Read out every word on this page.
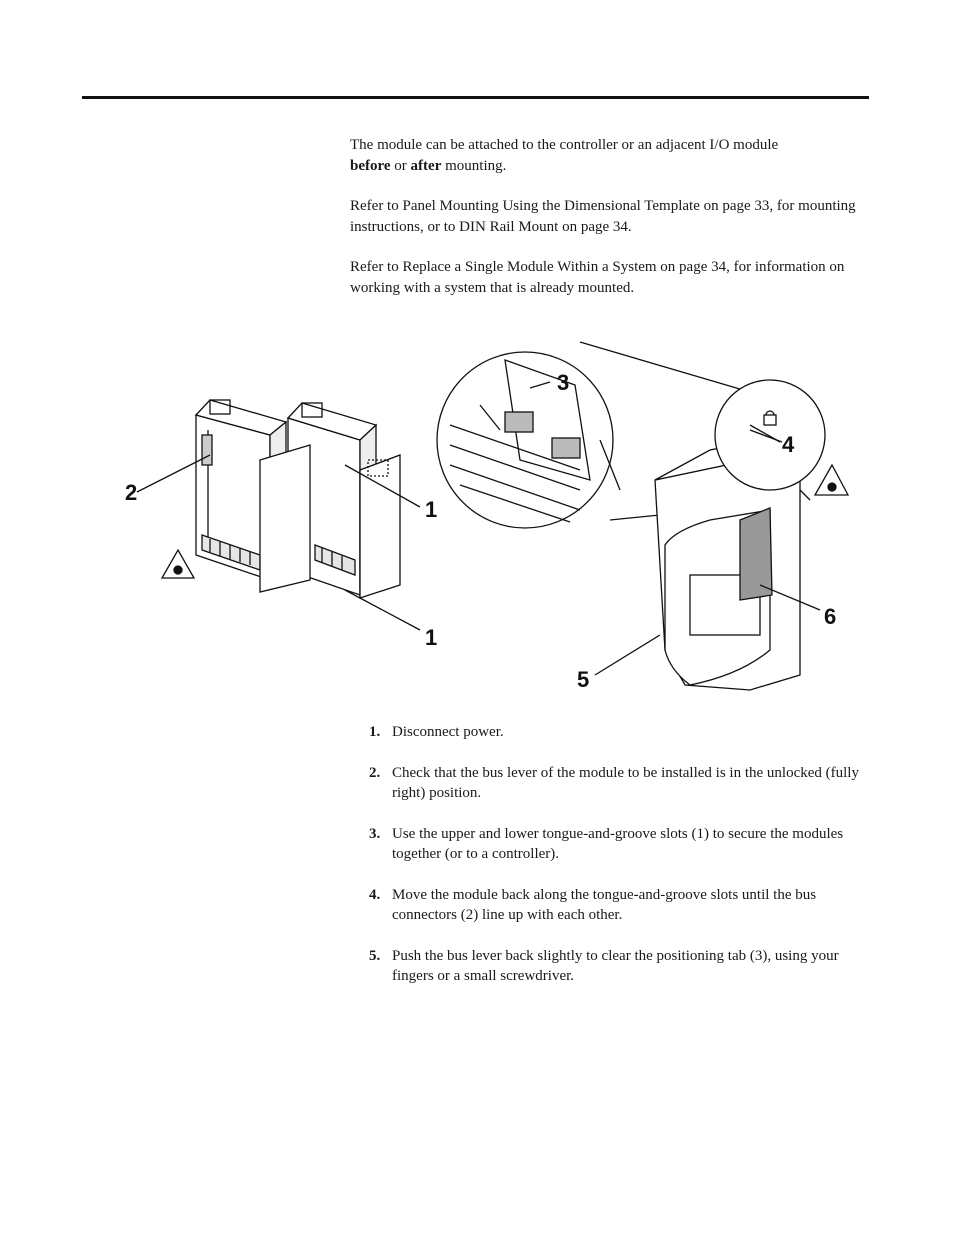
The module can be attached to the controller or an adjacent I/O module
before or after mounting.

Refer to Panel Mounting Using the Dimensional Template on page 33, for mounting instructions, or to DIN Rail Mount on page 34.

Refer to Replace a Single Module Within a System on page 34, for information on working with a system that is already mounted.

2
1
1
3
4
5
6
1. Disconnect power.
2. Check that the bus lever of the module to be installed is in the unlocked (fully right) position.
3. Use the upper and lower tongue-and-groove slots (1) to secure the modules together (or to a controller).
4. Move the module back along the tongue-and-groove slots until the bus connectors (2) line up with each other.
5. Push the bus lever back slightly to clear the positioning tab (3), using your fingers or a small screwdriver.
